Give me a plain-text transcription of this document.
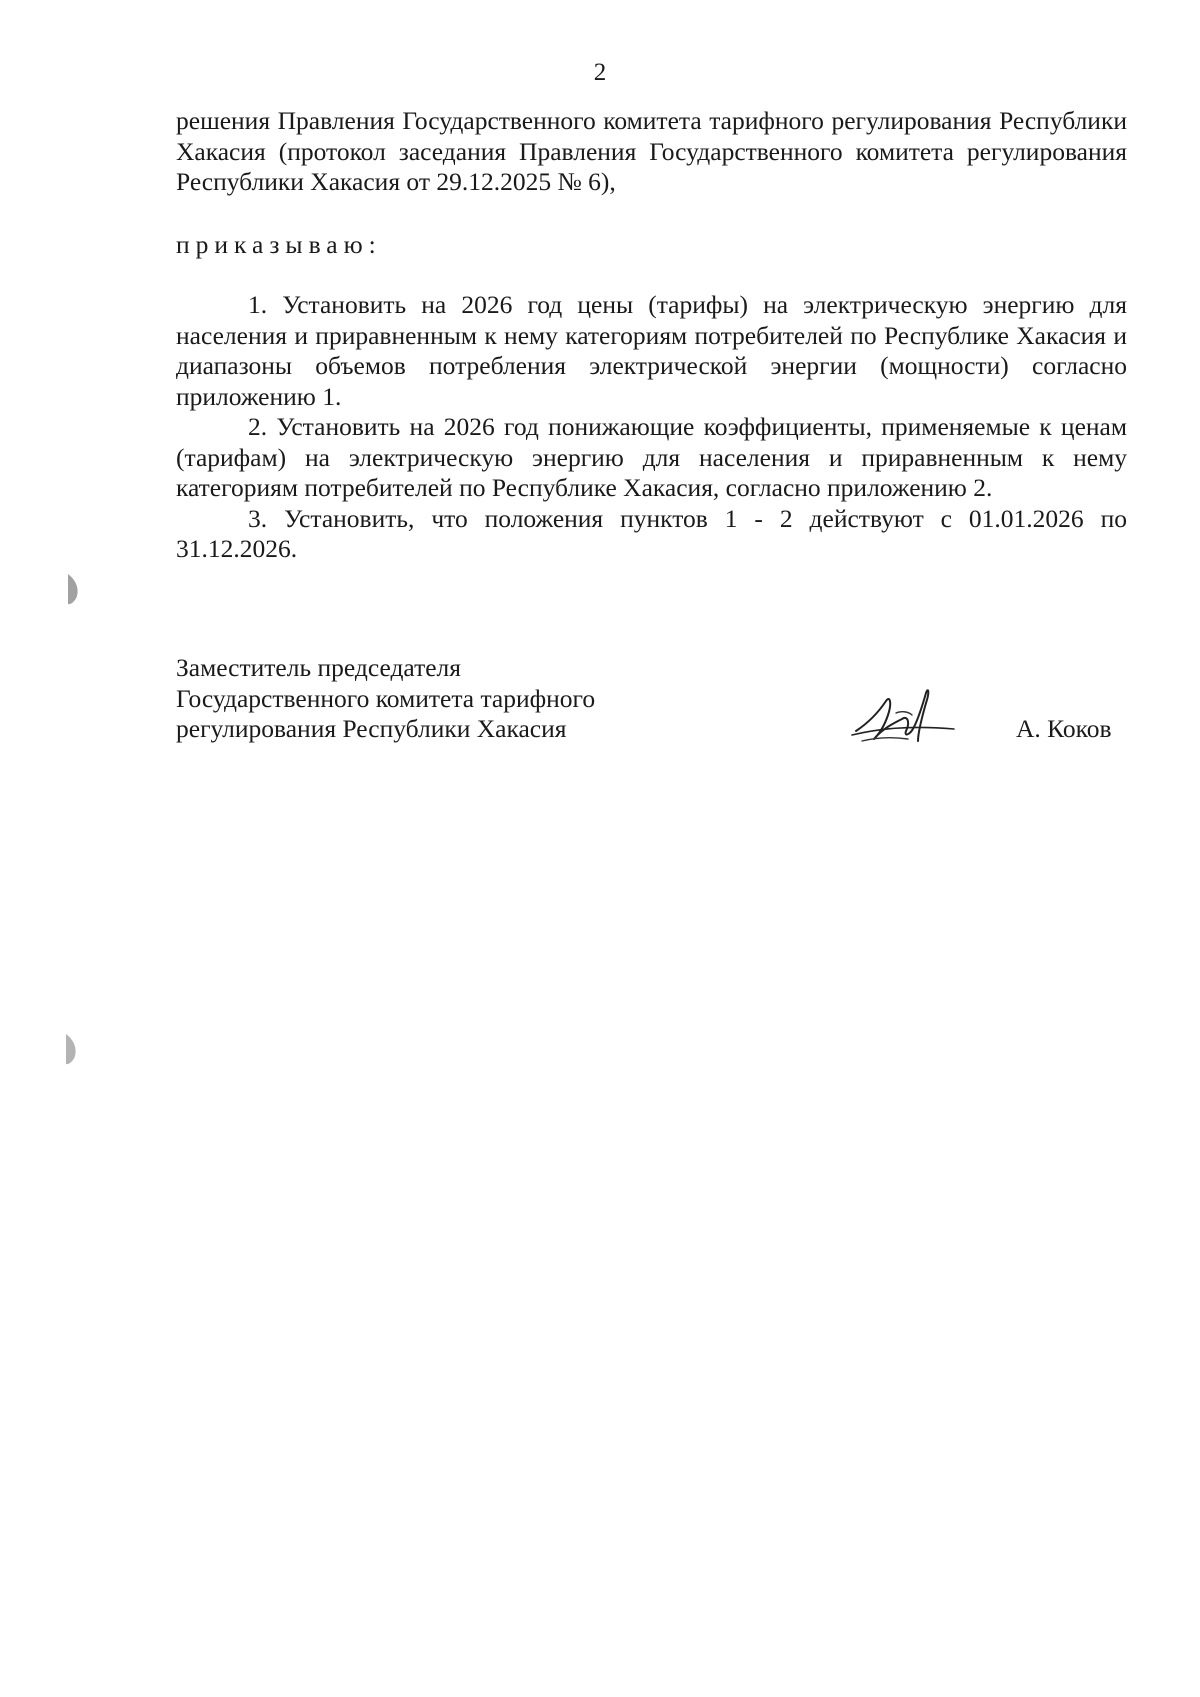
2
решения Правления Государственного комитета тарифного регулирования Республики Хакасия (протокол заседания Правления Государственного комитета регулирования Республики Хакасия от 29.12.2025 № 6),
приказываю:

1. Установить на 2026 год цены (тарифы) на электрическую энергию для населения и приравненным к нему категориям потребителей по Республике Хакасия и диапазоны объемов потребления электрической энергии (мощности) согласно приложению 1.

2. Установить на 2026 год понижающие коэффициенты, применяемые к ценам (тарифам) на электрическую энергию для населения и приравненным к нему категориям потребителей по Республике Хакасия, согласно приложению 2.

3. Установить, что положения пунктов 1 - 2 действуют с 01.01.2026 по 31.12.2026.

Заместитель председателя
Государственного комитета тарифного
регулирования Республики Хакасия	А. Коков
